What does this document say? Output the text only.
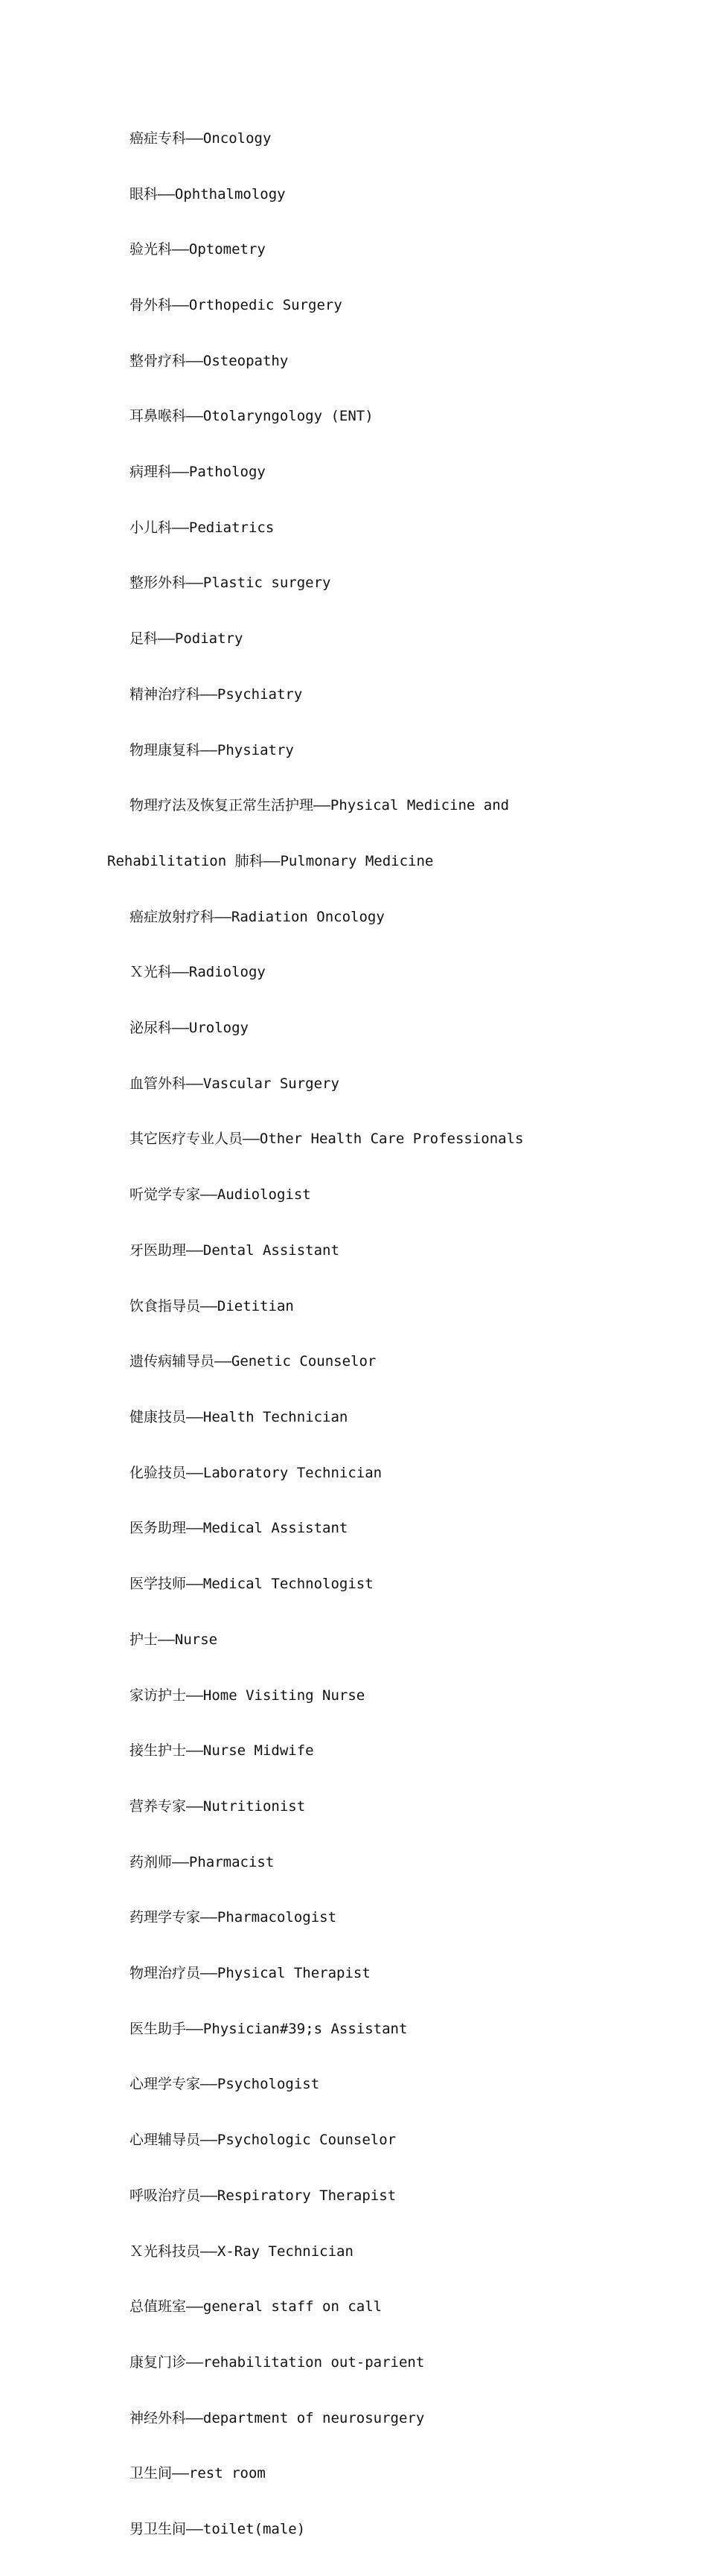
癌症专科——Oncology

眼科——Ophthalmology

验光科——Optometry

骨外科——Orthopedic Surgery

整骨疗科——Osteopathy

耳鼻喉科——Otolaryngology (ENT)

病理科——Pathology

小儿科——Pediatrics

整形外科——Plastic surgery

足科——Podiatry

精神治疗科——Psychiatry

物理康复科——Physiatry

物理疗法及恢复正常生活护理——Physical Medicine and

Rehabilitation 肺科——Pulmonary Medicine

癌症放射疗科——Radiation Oncology

Ｘ光科——Radiology

泌尿科——Urology

血管外科——Vascular Surgery

其它医疗专业人员——Other Health Care Professionals

听觉学专家——Audiologist

牙医助理——Dental Assistant

饮食指导员——Dietitian

遗传病辅导员——Genetic Counselor

健康技员——Health Technician

化验技员——Laboratory Technician

医务助理——Medical Assistant

医学技师——Medical Technologist

护士——Nurse

家访护士——Home Visiting Nurse

接生护士——Nurse Midwife

营养专家——Nutritionist

药剂师——Pharmacist

药理学专家——Pharmacologist

物理治疗员——Physical Therapist

医生助手——Physician#39;s Assistant

心理学专家——Psychologist

心理辅导员——Psychologic Counselor

呼吸治疗员——Respiratory Therapist

Ｘ光科技员——X-Ray Technician

总值班室——general staff on call

康复门诊——rehabilitation out-parient

神经外科——department of neurosurgery

卫生间——rest room

男卫生间——toilet(male)
